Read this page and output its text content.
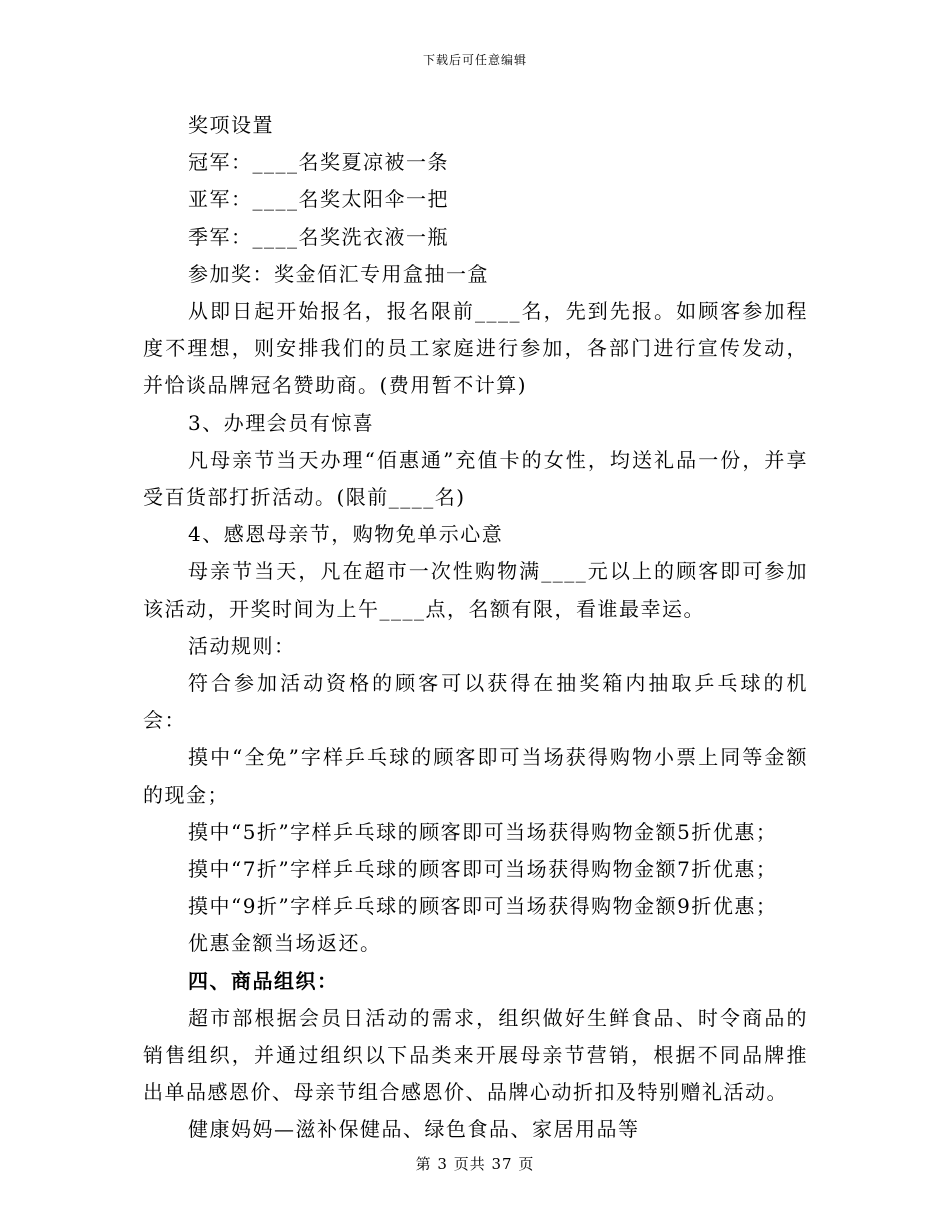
下载后可任意编辑

奖项设置

冠军：____名奖夏凉被一条

亚军：____名奖太阳伞一把

季军：____名奖洗衣液一瓶

参加奖：奖金佰汇专用盒抽一盒

从即日起开始报名，报名限前____名，先到先报。如顾客参加程度不理想，则安排我们的员工家庭进行参加，各部门进行宣传发动，并恰谈品牌冠名赞助商。(费用暂不计算)

3、办理会员有惊喜

凡母亲节当天办理“佰惠通”充值卡的女性，均送礼品一份，并享受百货部打折活动。(限前____名)

4、感恩母亲节，购物免单示心意

母亲节当天，凡在超市一次性购物满____元以上的顾客即可参加该活动，开奖时间为上午____点，名额有限，看谁最幸运。

活动规则：

符合参加活动资格的顾客可以获得在抽奖箱内抽取乒乓球的机会：

摸中“全免”字样乒乓球的顾客即可当场获得购物小票上同等金额的现金；

摸中“5折”字样乒乓球的顾客即可当场获得购物金额5折优惠；

摸中“7折”字样乒乓球的顾客即可当场获得购物金额7折优惠；

摸中“9折”字样乒乓球的顾客即可当场获得购物金额9折优惠；

优惠金额当场返还。

四、商品组织：

超市部根据会员日活动的需求，组织做好生鲜食品、时令商品的销售组织，并通过组织以下品类来开展母亲节营销，根据不同品牌推出单品感恩价、母亲节组合感恩价、品牌心动折扣及特别赠礼活动。

健康妈妈—滋补保健品、绿色食品、家居用品等

第 3 页共 37 页
